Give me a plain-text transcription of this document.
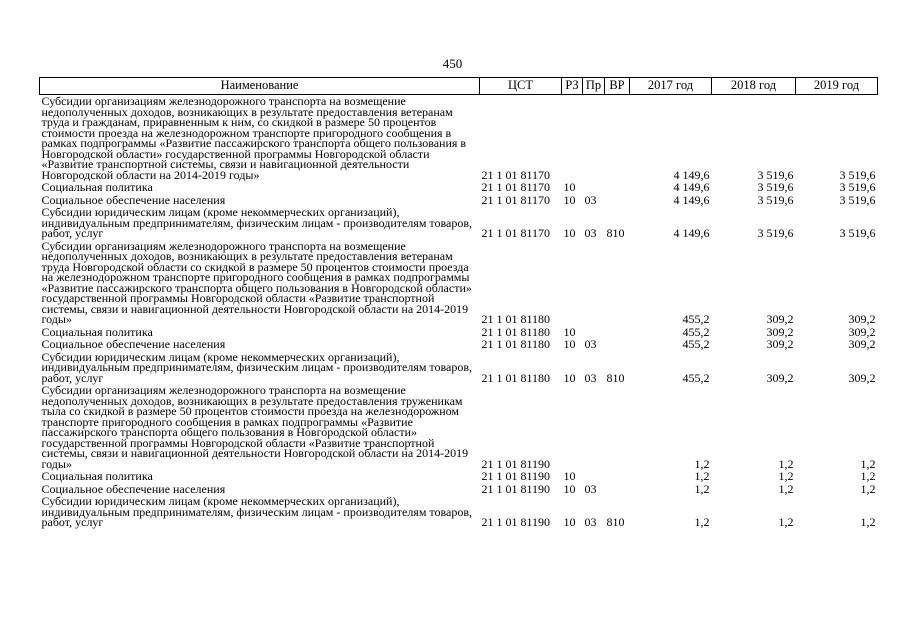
450
Наименование	ЦСТ	РЗ	Пр	ВР	2017 год	2018 год	2019 год
Субсидии организациям железнодорожного транспорта на возмещение недополученных доходов, возникающих в результате предоставления ветеранам труда и гражданам, приравненным к ним, со скидкой в размере 50 процентов стоимости проезда на железнодорожном транспорте пригородного сообщения в рамках подпрограммы «Развитие пассажирского транспорта общего пользования в Новгородской области» государственной программы Новгородской области «Развитие транспортной системы, связи и навигационной деятельности Новгородской области на 2014-2019 годы»	21 1 01 81170				4 149,6	3 519,6	3 519,6
Социальная политика	21 1 01 81170	10			4 149,6	3 519,6	3 519,6
Социальное обеспечение населения	21 1 01 81170	10	03		4 149,6	3 519,6	3 519,6
Субсидии юридическим лицам (кроме некоммерческих организаций), индивидуальным предпринимателям, физическим лицам - производителям товаров, работ, услуг	21 1 01 81170	10	03	810	4 149,6	3 519,6	3 519,6
Субсидии организациям железнодорожного транспорта на возмещение недополученных доходов, возникающих в результате предоставления ветеранам труда Новгородской области со скидкой в размере 50 процентов стоимости проезда на железнодорожном транспорте пригородного сообщения в рамках подпрограммы «Развитие пассажирского транспорта общего пользования в Новгородской области» государственной программы Новгородской области «Развитие транспортной системы, связи и навигационной деятельности Новгородской области на 2014-2019 годы»	21 1 01 81180				455,2	309,2	309,2
Социальная политика	21 1 01 81180	10			455,2	309,2	309,2
Социальное обеспечение населения	21 1 01 81180	10	03		455,2	309,2	309,2
Субсидии юридическим лицам (кроме некоммерческих организаций), индивидуальным предпринимателям, физическим лицам - производителям товаров, работ, услуг	21 1 01 81180	10	03	810	455,2	309,2	309,2
Субсидии организациям железнодорожного транспорта на возмещение недополученных доходов, возникающих в результате предоставления труженикам тыла со скидкой в размере 50 процентов стоимости проезда на железнодорожном транспорте пригородного сообщения в рамках подпрограммы «Развитие пассажирского транспорта общего пользования в Новгородской области» государственной программы Новгородской области «Развитие транспортной системы, связи и навигационной деятельности Новгородской области на 2014-2019 годы»	21 1 01 81190				1,2	1,2	1,2
Социальная политика	21 1 01 81190	10			1,2	1,2	1,2
Социальное обеспечение населения	21 1 01 81190	10	03		1,2	1,2	1,2
Субсидии юридическим лицам (кроме некоммерческих организаций), индивидуальным предпринимателям, физическим лицам - производителям товаров, работ, услуг	21 1 01 81190	10	03	810	1,2	1,2	1,2
